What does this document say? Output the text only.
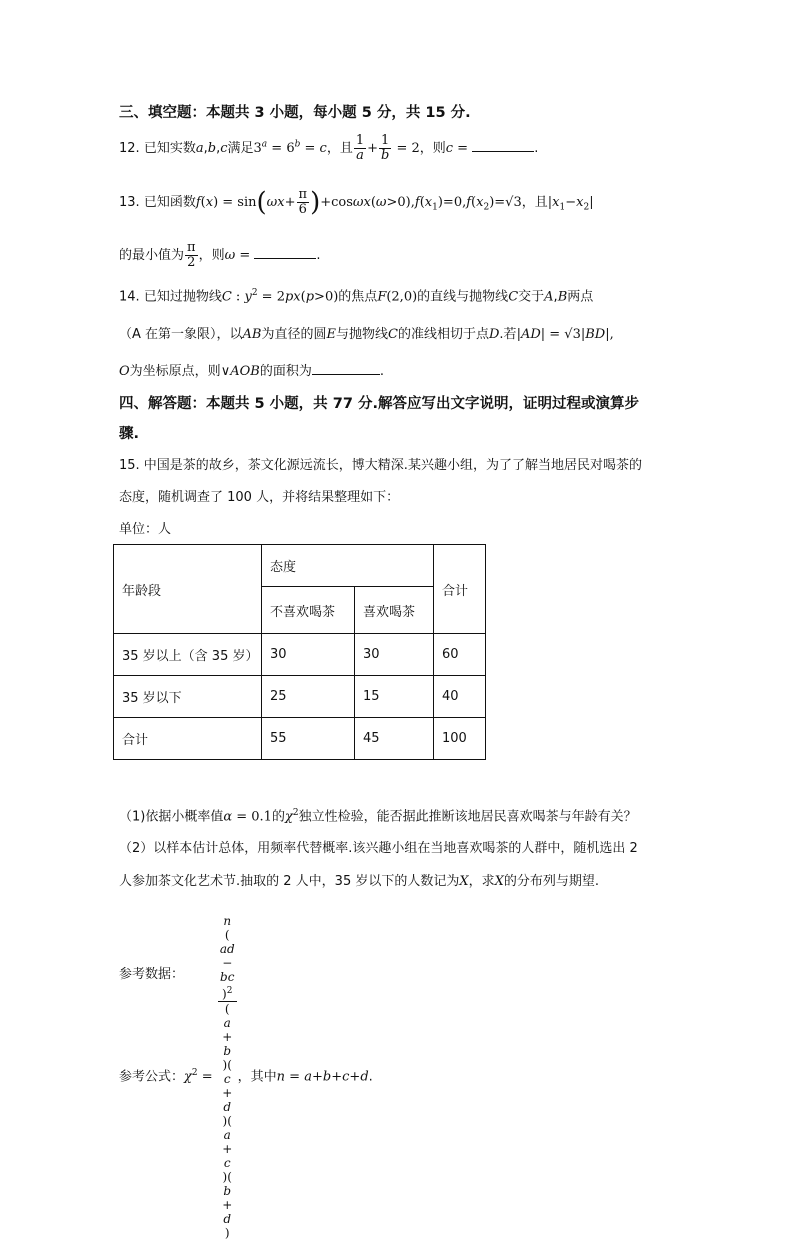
三、填空题：本题共 3 小题，每小题 5 分，共 15 分.
12. 已知实数a,b,c满足$3^a = 6^b = c$，且 $\frac{1}{a} + \frac{1}{b} = 2$，则c =	.
13. 已知函数$f(x) = \sin(\omega x+ \frac{\pi}{6} )+\cos\omega x(\omega>0),f(x_1)=0,f(x_2)=√3$，且$|x_1-x_2|$
的最小值为 $\frac{\pi}{2}$ ，则ω =	.
14. 已知过抛物线C : $y^2 = 2px(p>0)$的焦点F(2,0)的直线与抛物线C交于A,B两点
（A 在第一象限），以AB为直径的圆E与抛物线C的准线相切于点D.若|AD| = √3|BD|,
O为坐标原点，则∨AOB的面积为	.
四、解答题：本题共 5 小题，共 77 分.解答应写出文字说明，证明过程或演算步
骤.
15. 中国是茶的故乡，茶文化源远流长，博大精深.某兴趣小组，为了了解当地居民对喝茶的
态度，随机调查了 100 人，并将结果整理如下：
单位：人
年龄段	态度		合计
	不喜欢喝茶	喜欢喝茶	
35 岁以上（含 35 岁）	30	30	60
35 岁以下	25	15	40
合计	55	45	100
（1)依据小概率值α = 0.1的$\chi^2$独立性检验，能否据此推断该地居民喜欢喝茶与年龄有关？
（2）以样本估计总体，用频率代替概率.该兴趣小组在当地喜欢喝茶的人群中，随机选出 2
人参加茶文化艺术节.抽取的 2 人中，35 岁以下的人数记为X，求X的分布列与期望.
参考公式：$\chi^2 = n$
(
ad
−
bc
)$^2$
(
a
+
b
)(
c
+
d
)(
a
+
c
)(
b
+
d
) ，其中n = a+b+c+d.
参考数据：
